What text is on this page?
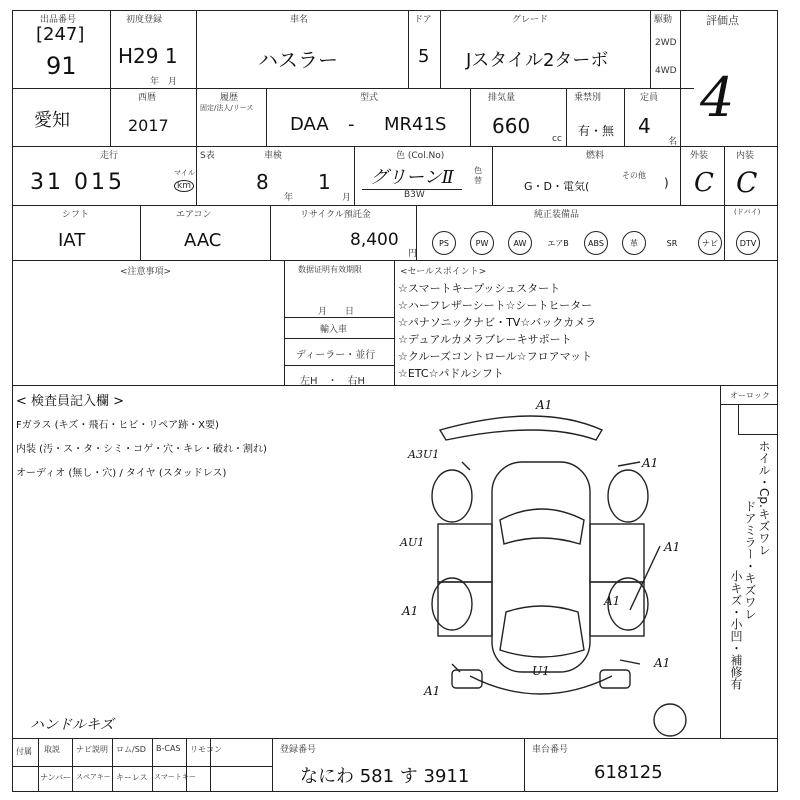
出品番号
[247]
91
初度登録
H29 1
年　月
車名
ハスラー
ドア
5
グレード
Jスタイル2ターボ
駆動
2WD
4WD
評価点
4
愛知
西暦
2017
履歴
固定/法人/リース
型式
DAA - MR41S
排気量
660
cc
乗禁別
有・無
定員
4
名
走行	S表
31 015	マイル
km
車検
8
年
1
月
色 (Col.No)
グリーンⅡ
B3W
色替
燃料
G・D・電気(
その他
)
外装
C
内装
C
シフト
IAT
エアコン
AAC
リサイクル預託金
8,400
円
純正装備品	(ドバイ)
PS	PW	AW	エアB	ABS	革	SR	ナビ	DTV
<注意事項>	数据证明有效期限
月　　日
輸入車
ディーラー・並行
左H　・　右H
<セールスポイント>
☆スマートキープッシュスタート
☆ハーフレザーシート☆シートヒーター
☆パナソニックナビ・TV☆バックカメラ
☆デュアルカメラブレーキサポート
☆クルーズコントロール☆フロアマット
☆ETC☆パドルシフト
< 検査員記入欄 >
Fガラス (キズ・飛石・ヒビ・リペア跡・X要)
内装 (汚・ス・タ・シミ・コゲ・穴・キレ・破れ・割れ)
オーディオ (無し・穴) / タイヤ (スタッドレス)
ハンドルキズ
オーロック
ホイル・Cp.キズワレ
ドアミラー・キズワレ
小キズ・小凹・補修有
A1
A3U1
A1
A1
A1
AU1
A1
A1
A1
U1
付属 取説 ナビ説明 ロム/SD B-CAS リモコン
ナンバー スペアキー キーレス スマートキー
登録番号
なにわ 581 す 3911
車台番号
618125
